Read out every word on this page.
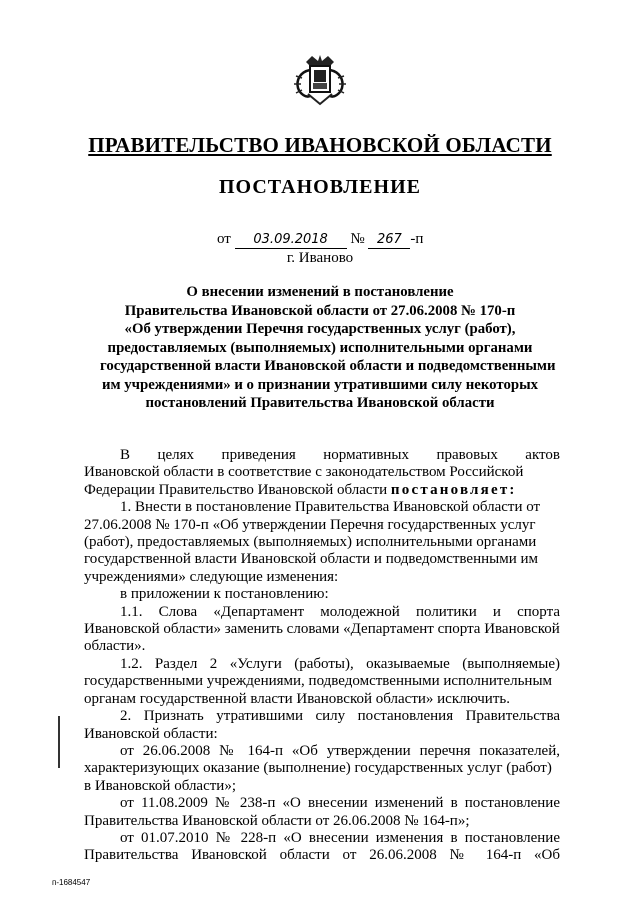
ПРАВИТЕЛЬСТВО ИВАНОВСКОЙ ОБЛАСТИ
ПОСТАНОВЛЕНИЕ
от 03.09.2018 № 267 -п
г. Иваново
О внесении изменений в постановление
Правительства Ивановской области от 27.06.2008 № 170-п
«Об утверждении Перечня государственных услуг (работ),
предоставляемых (выполняемых) исполнительными органами
государственной власти Ивановской области и подведомственными
им учреждениями» и о признании утратившими силу некоторых
постановлений Правительства Ивановской области
В целях приведения нормативных правовых актов
Ивановской области в соответствие с законодательством Российской
Федерации Правительство Ивановской области постановляет:
1. Внести в постановление Правительства Ивановской области от
27.06.2008 № 170-п «Об утверждении Перечня государственных услуг
(работ), предоставляемых (выполняемых) исполнительными органами
государственной власти Ивановской области и подведомственными им
учреждениями» следующие изменения:
в приложении к постановлению:
1.1. Слова «Департамент молодежной политики и спорта
Ивановской области» заменить словами «Департамент спорта Ивановской
области».
1.2. Раздел 2 «Услуги (работы), оказываемые (выполняемые)
государственными учреждениями, подведомственными исполнительным
органам государственной власти Ивановской области» исключить.
2. Признать утратившими силу постановления Правительства
Ивановской области:
от 26.06.2008 № 164-п «Об утверждении перечня показателей,
характеризующих оказание (выполнение) государственных услуг (работ)
в Ивановской области»;
от 11.08.2009 № 238-п «О внесении изменений в постановление
Правительства Ивановской области от 26.06.2008 № 164-п»;
от 01.07.2010 № 228-п «О внесении изменения в постановление
Правительства Ивановской области от 26.06.2008 № 164-п «Об
п-1684547
